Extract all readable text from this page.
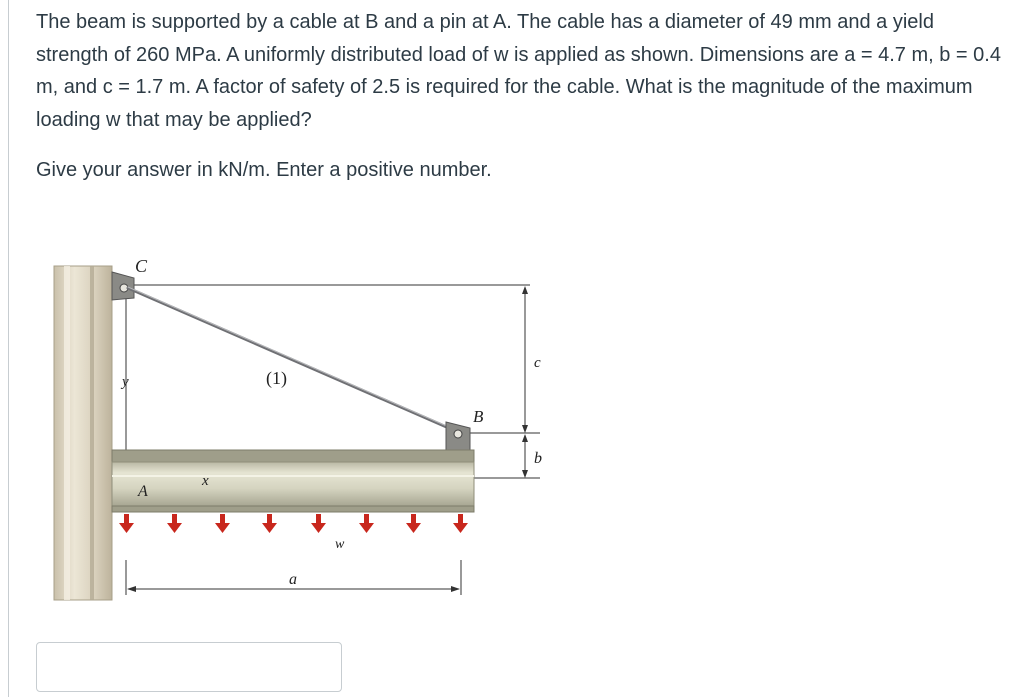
The beam is supported by a cable at B and a pin at A. The cable has a diameter of 49 mm and a yield strength of 260 MPa. A uniformly distributed load of w is applied as shown. Dimensions are a = 4.7 m, b = 0.4 m, and c = 1.7 m. A factor of safety of 2.5 is required for the cable. What is the magnitude of the maximum loading w that may be applied?

Give your answer in kN/m. Enter a positive number.
C
y	(1)
B
A
x
w
a
c
b
